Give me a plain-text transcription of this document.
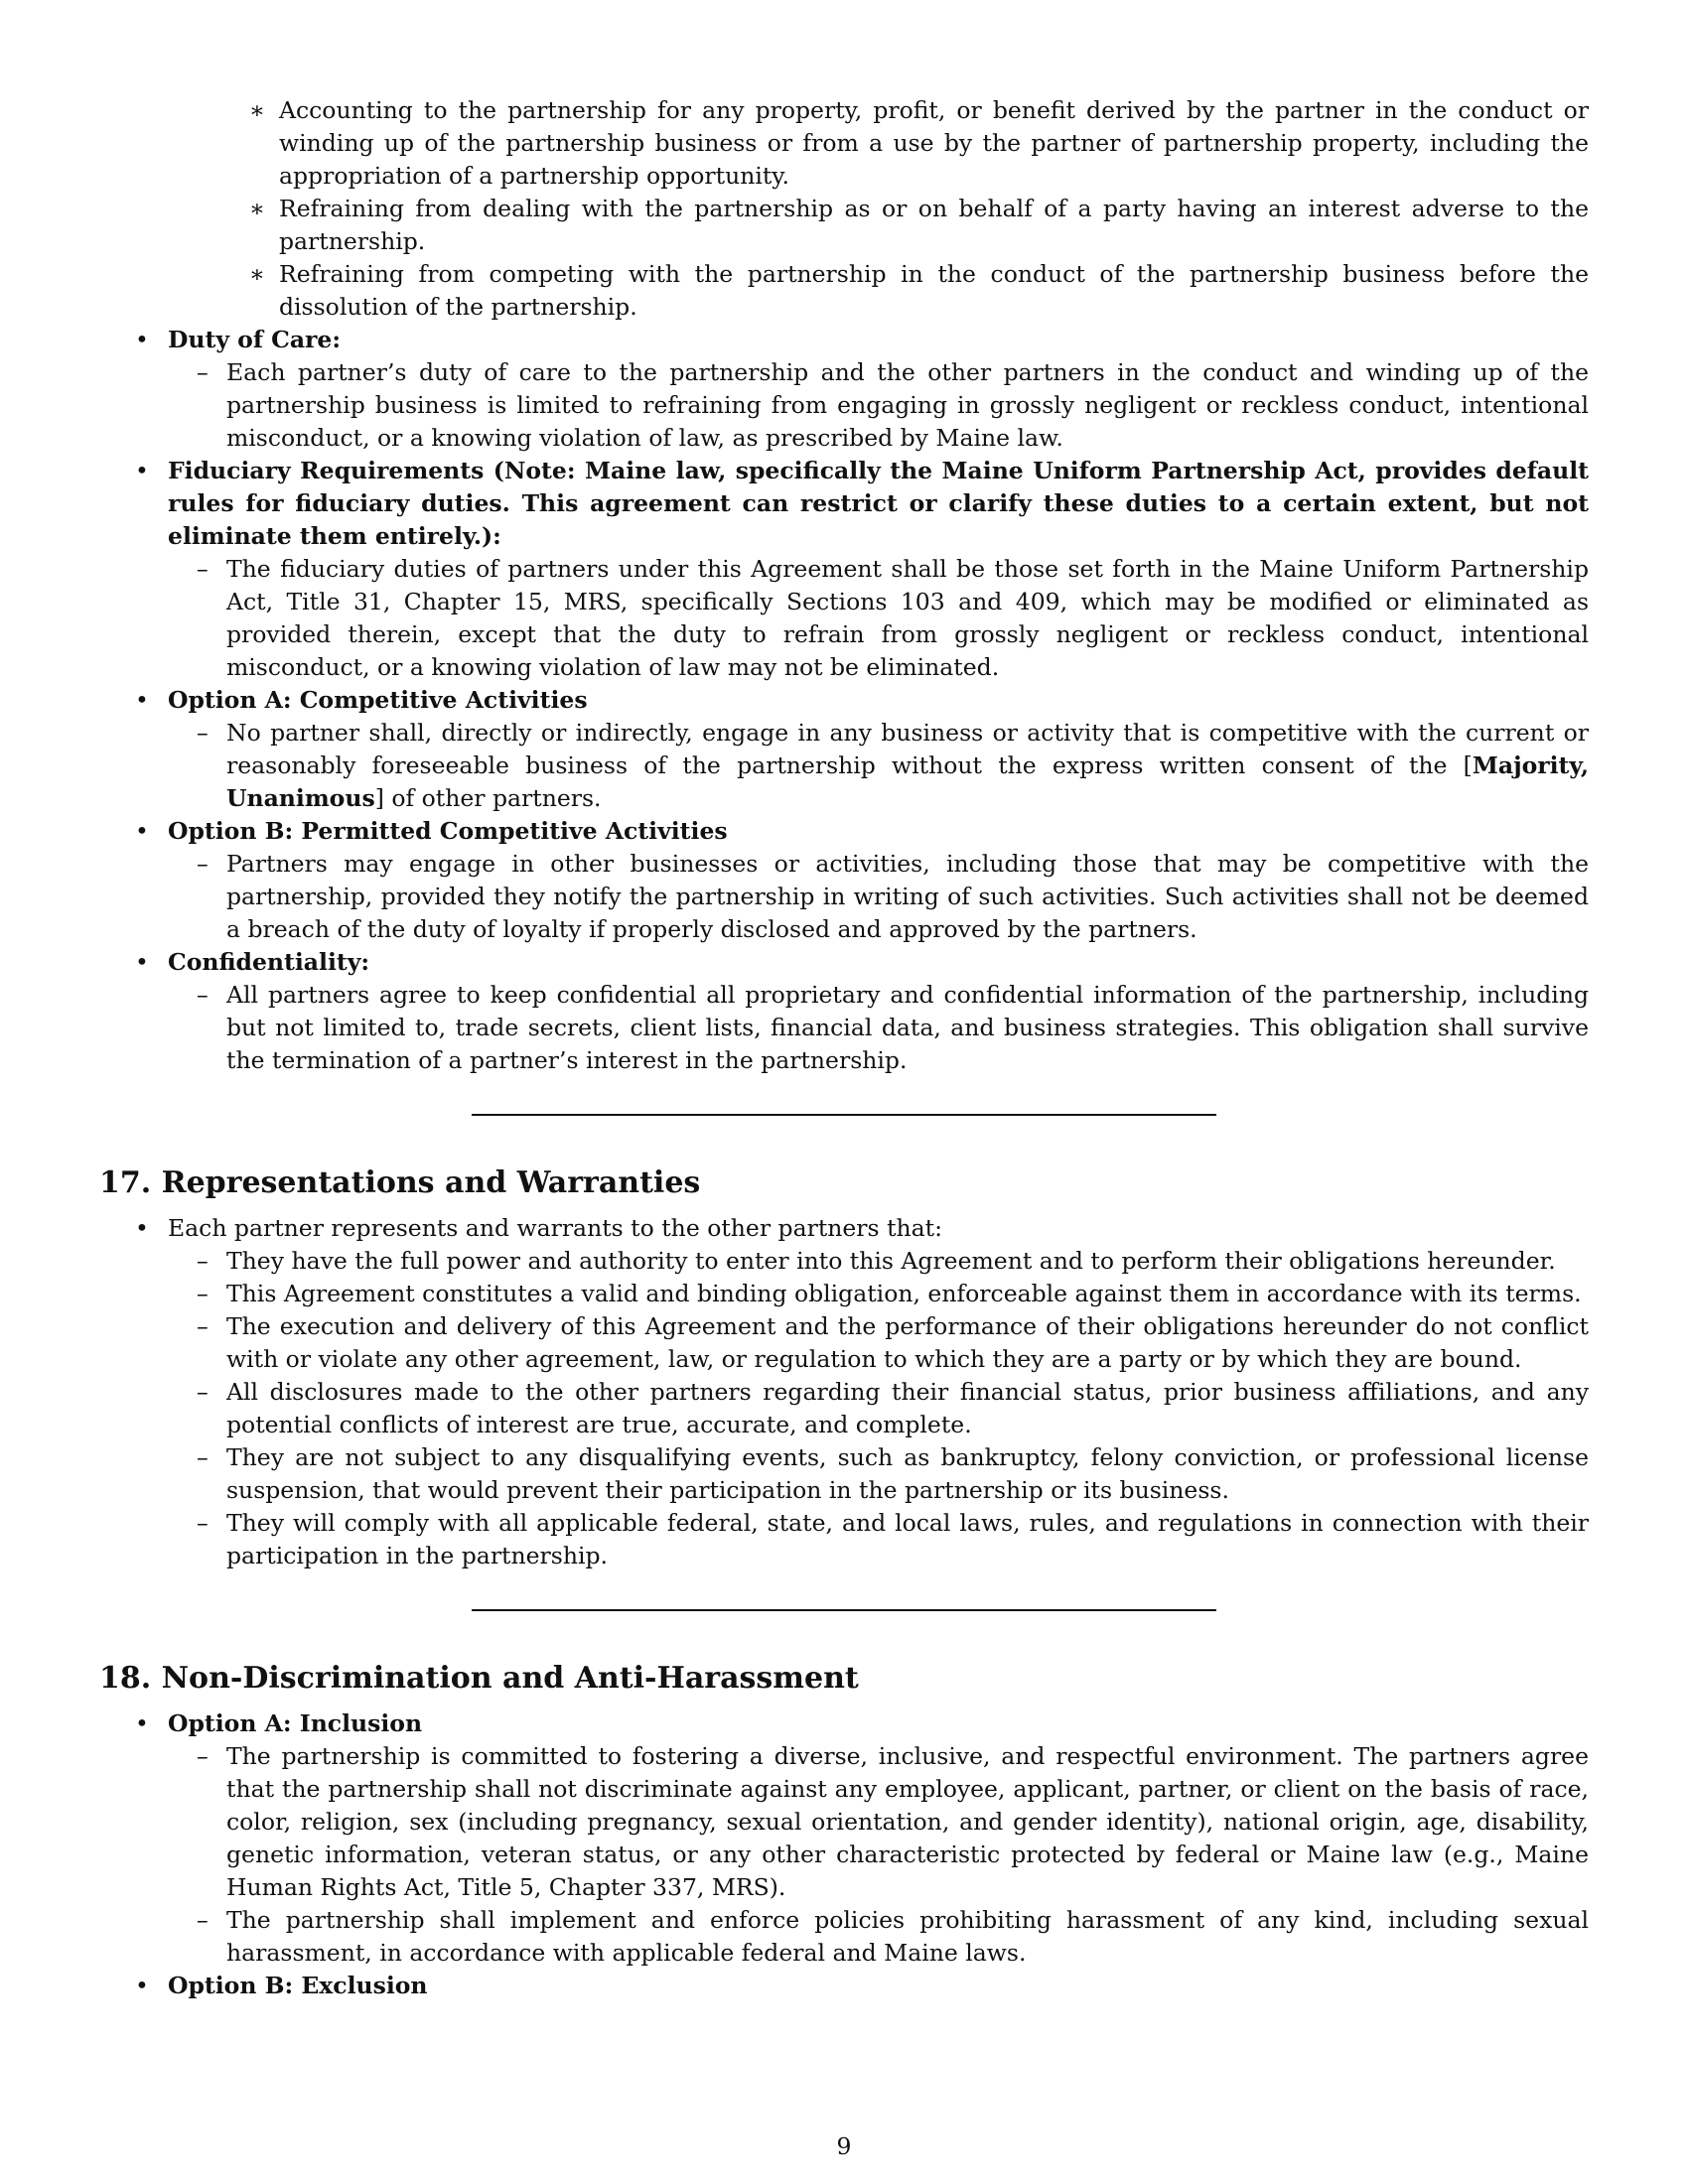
∗ Accounting to the partnership for any property, profit, or benefit derived by the partner in the conduct or winding up of the partnership business or from a use by the partner of partnership property, including the appropriation of a partnership opportunity.
∗ Refraining from dealing with the partnership as or on behalf of a party having an interest adverse to the partnership.
∗ Refraining from competing with the partnership in the conduct of the partnership business before the dissolution of the partnership.
• Duty of Care:
– Each partner’s duty of care to the partnership and the other partners in the conduct and winding up of the partnership business is limited to refraining from engaging in grossly negligent or reckless conduct, intentional misconduct, or a knowing violation of law, as prescribed by Maine law.
• Fiduciary Requirements (Note: Maine law, specifically the Maine Uniform Partnership Act, provides default rules for fiduciary duties. This agreement can restrict or clarify these duties to a certain extent, but not eliminate them entirely.):
– The fiduciary duties of partners under this Agreement shall be those set forth in the Maine Uniform Partnership Act, Title 31, Chapter 15, MRS, specifically Sections 103 and 409, which may be modified or eliminated as provided therein, except that the duty to refrain from grossly negligent or reckless conduct, intentional misconduct, or a knowing violation of law may not be eliminated.
• Option A: Competitive Activities
– No partner shall, directly or indirectly, engage in any business or activity that is competitive with the current or reasonably foreseeable business of the partnership without the express written consent of the [Majority, Unanimous] of other partners.
• Option B: Permitted Competitive Activities
– Partners may engage in other businesses or activities, including those that may be competitive with the partnership, provided they notify the partnership in writing of such activities. Such activities shall not be deemed a breach of the duty of loyalty if properly disclosed and approved by the partners.
• Confidentiality:
– All partners agree to keep confidential all proprietary and confidential information of the partnership, including but not limited to, trade secrets, client lists, financial data, and business strategies. This obligation shall survive the termination of a partner’s interest in the partnership.
17. Representations and Warranties
• Each partner represents and warrants to the other partners that:
– They have the full power and authority to enter into this Agreement and to perform their obligations hereunder.
– This Agreement constitutes a valid and binding obligation, enforceable against them in accordance with its terms.
– The execution and delivery of this Agreement and the performance of their obligations hereunder do not conflict with or violate any other agreement, law, or regulation to which they are a party or by which they are bound.
– All disclosures made to the other partners regarding their financial status, prior business affiliations, and any potential conflicts of interest are true, accurate, and complete.
– They are not subject to any disqualifying events, such as bankruptcy, felony conviction, or professional license suspension, that would prevent their participation in the partnership or its business.
– They will comply with all applicable federal, state, and local laws, rules, and regulations in connection with their participation in the partnership.
18. Non-Discrimination and Anti-Harassment
• Option A: Inclusion
– The partnership is committed to fostering a diverse, inclusive, and respectful environment. The partners agree that the partnership shall not discriminate against any employee, applicant, partner, or client on the basis of race, color, religion, sex (including pregnancy, sexual orientation, and gender identity), national origin, age, disability, genetic information, veteran status, or any other characteristic protected by federal or Maine law (e.g., Maine Human Rights Act, Title 5, Chapter 337, MRS).
– The partnership shall implement and enforce policies prohibiting harassment of any kind, including sexual harassment, in accordance with applicable federal and Maine laws.
• Option B: Exclusion
9
